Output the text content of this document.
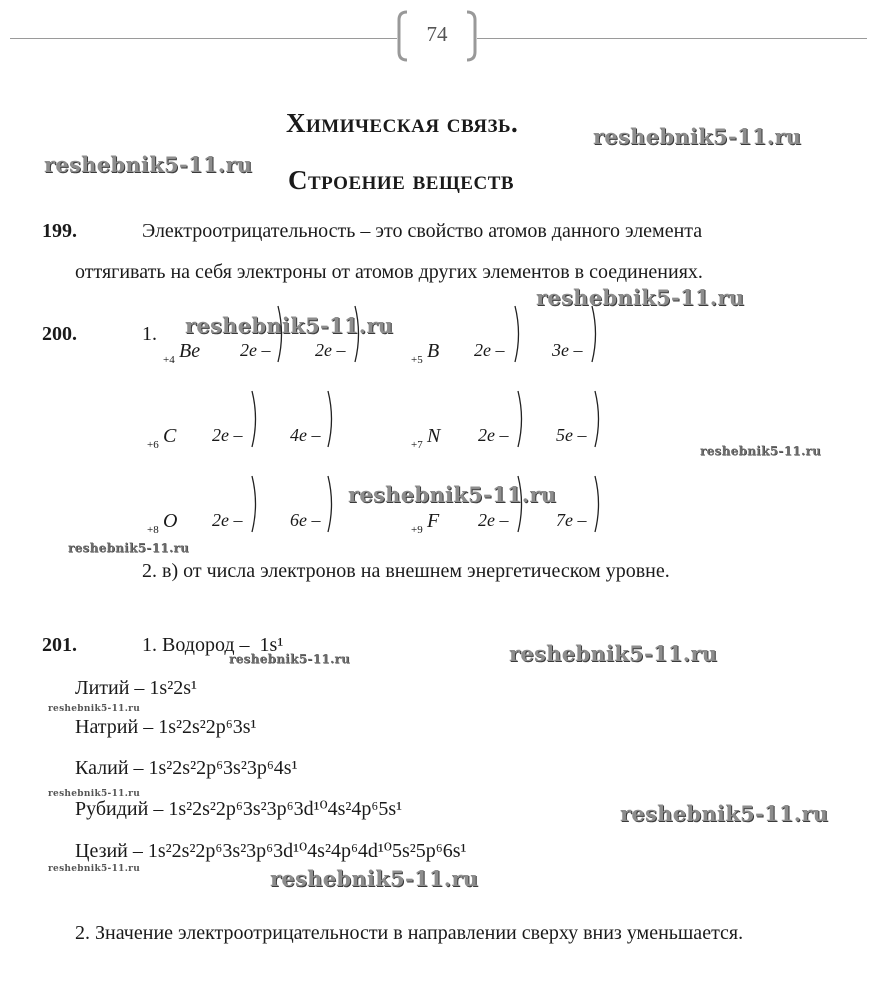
74
Химическая связь.
Строение веществ
reshebnik5-11.ru
reshebnik5-11.ru
reshebnik5-11.ru
reshebnik5-11.ru
reshebnik5-11.ru
reshebnik5-11.ru
reshebnik5-11.ru
reshebnik5-11.ru	reshebnik5-11.ru
reshebnik5-11.ru
reshebnik5-11.ru
reshebnik5-11.ru
reshebnik5-11.ru	reshebnik5-11.ru
199.	Электроотрицательность – это свойство атомов данного элемента
оттягивать на себя электроны от атомов других элементов в соединениях.
200.	1.
+4 Be 2e – 2e –	+5 B 2e –	3e –
+6 C 2e –	4e –	+7 N 2e –	5e –
+8 O 2e –	6e –	+9 F 2e –	7e –
2. в) от числа электронов на внешнем энергетическом уровне.
201.	1. Водород – 1s¹
Литий – 1s²2s¹
Натрий – 1s²2s²2p⁶3s¹
Калий – 1s²2s²2p⁶3s²3p⁶4s¹
Рубидий – 1s²2s²2p⁶3s²3p⁶3d¹⁰4s²4p⁶5s¹
Цезий – 1s²2s²2p⁶3s²3p⁶3d¹⁰4s²4p⁶4d¹⁰5s²5p⁶6s¹
2. Значение электроотрицательности в направлении сверху вниз уменьшается.
